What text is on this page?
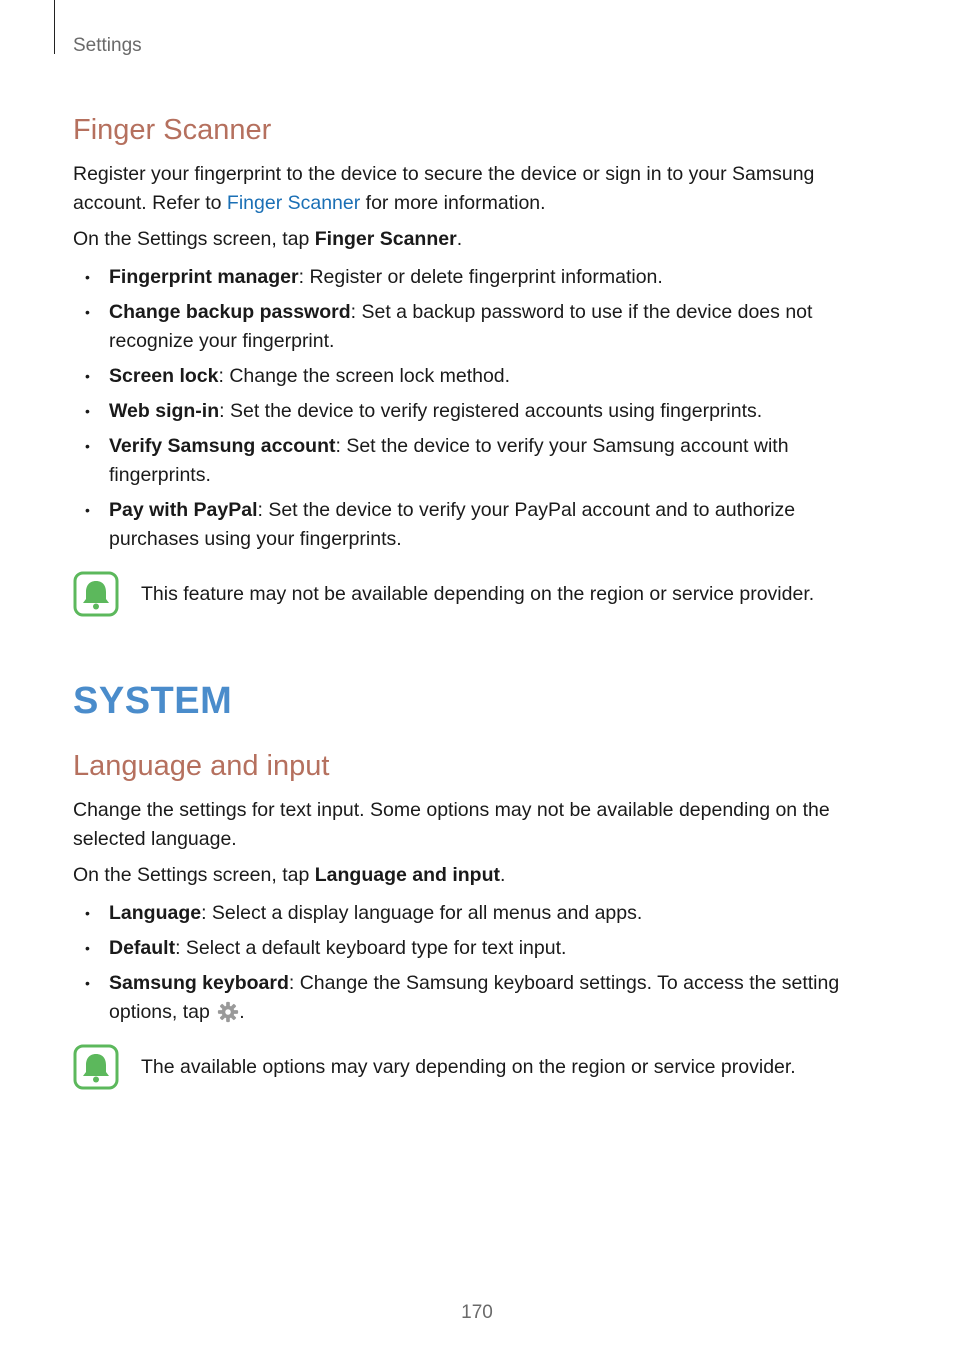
Settings
Finger Scanner

Register your fingerprint to the device to secure the device or sign in to your Samsung account. Refer to Finger Scanner for more information.

On the Settings screen, tap Finger Scanner.

• Fingerprint manager: Register or delete fingerprint information.
• Change backup password: Set a backup password to use if the device does not recognize your fingerprint.
• Screen lock: Change the screen lock method.
• Web sign-in: Set the device to verify registered accounts using fingerprints.
• Verify Samsung account: Set the device to verify your Samsung account with fingerprints.
• Pay with PayPal: Set the device to verify your PayPal account and to authorize purchases using your fingerprints.
This feature may not be available depending on the region or service provider.
SYSTEM
Language and input

Change the settings for text input. Some options may not be available depending on the selected language.

On the Settings screen, tap Language and input.

• Language: Select a display language for all menus and apps.
• Default: Select a default keyboard type for text input.
• Samsung keyboard: Change the Samsung keyboard settings. To access the setting options, tap .
The available options may vary depending on the region or service provider.
170
